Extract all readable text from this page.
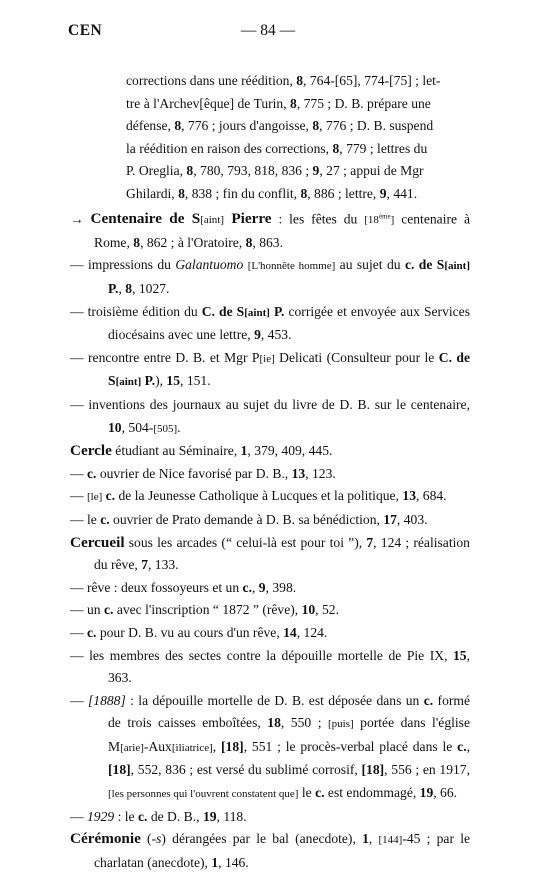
CEN	— 84 —
corrections dans une réédition, 8, 764-[65], 774-[75] ; let-
tre à l'Archev[êque] de Turin, 8, 775 ; D. B. prépare une
défense, 8, 776 ; jours d'angoisse, 8, 776 ; D. B. suspend
la réédition en raison des corrections, 8, 779 ; lettres du
P. Oreglia, 8, 780, 793, 818, 836 ; 9, 27 ; appui de Mgr
Ghilardi, 8, 838 ; fin du conflit, 8, 886 ; lettre, 9, 441.

→ Centenaire de S[aint] Pierre : les fêtes du [18ème] centenaire à Rome, 8, 862 ; à l'Oratoire, 8, 863.

— impressions du Galantuomo [L'honnête homme] au sujet du c. de S[aint] P., 8, 1027.

— troisième édition du C. de S[aint] P. corrigée et envoyée aux Services diocésains avec une lettre, 9, 453.

— rencontre entre D. B. et Mgr P[ie] Delicati (Consulteur pour le C. de S[aint] P.), 15, 151.

— inventions des journaux au sujet du livre de D. B. sur le centenaire, 10, 504-[505].

Cercle étudiant au Séminaire, 1, 379, 409, 445.

— c. ouvrier de Nice favorisé par D. B., 13, 123.

— [le] c. de la Jeunesse Catholique à Lucques et la politique, 13, 684.

— le c. ouvrier de Prato demande à D. B. sa bénédiction, 17, 403.

Cercueil sous les arcades (“ celui-là est pour toi ”), 7, 124 ; réalisation du rêve, 7, 133.

— rêve : deux fossoyeurs et un c., 9, 398.

— un c. avec l'inscription “ 1872 ” (rêve), 10, 52.

— c. pour D. B. vu au cours d'un rêve, 14, 124.

— les membres des sectes contre la dépouille mortelle de Pie IX, 15, 363.

— [1888] : la dépouille mortelle de D. B. est déposée dans un c. formé de trois caisses emboîtées, 18, 550 ; [puis] portée dans l'église M[arie]-Aux[iliatrice], [18], 551 ; le procès-verbal placé dans le c., [18], 552, 836 ; est versé du sublimé corrosif, [18], 556 ; en 1917, [les personnes qui l'ouvrent constatent que] le c. est endommagé, 19, 66.

— 1929 : le c. de D. B., 19, 118.

Cérémonie (-s) dérangées par le bal (anecdote), 1, [144]-45 ; par le charlatan (anecdote), 1, 146.
